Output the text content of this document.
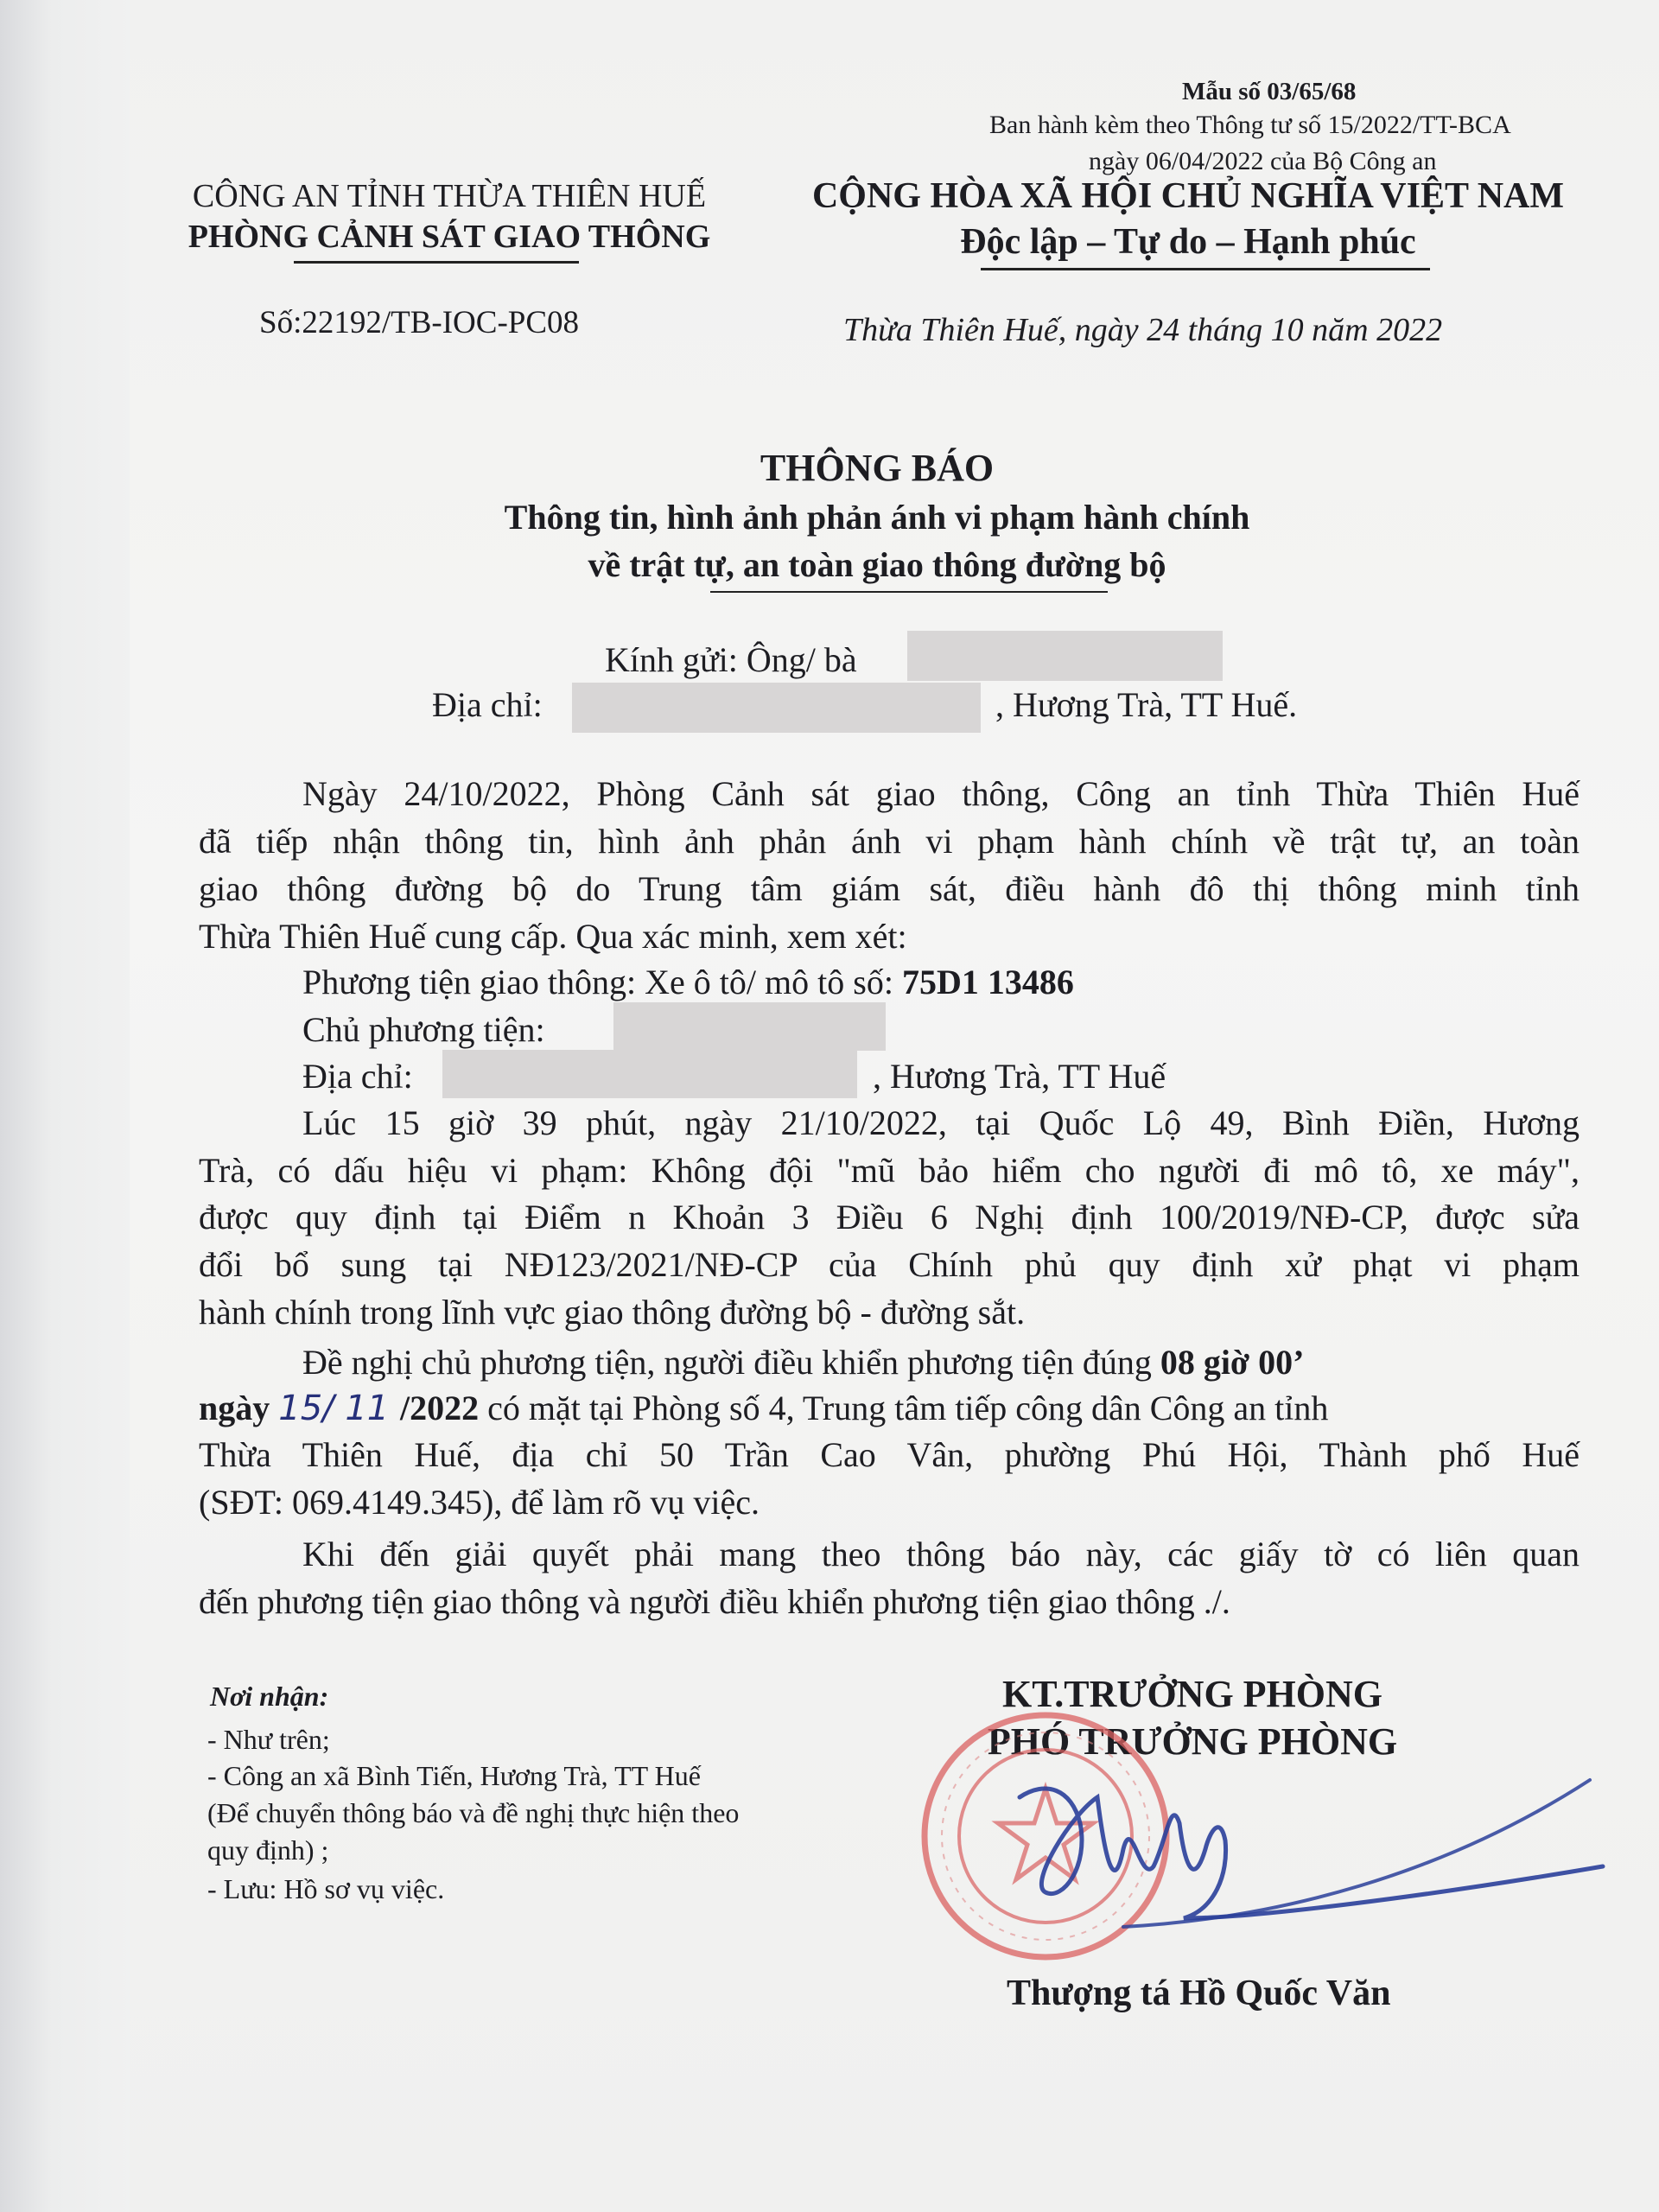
Mẫu số 03/65/68
Ban hành kèm theo Thông tư số 15/2022/TT-BCA
ngày 06/04/2022 của Bộ Công an
CÔNG AN TỈNH THỪA THIÊN HUẾ
PHÒNG CẢNH SÁT GIAO THÔNG
CỘNG HÒA XÃ HỘI CHỦ NGHĨA VIỆT NAM
Độc lập – Tự do – Hạnh phúc
Số:22192/TB-IOC-PC08	Thừa Thiên Huế, ngày 24 tháng 10 năm 2022
THÔNG BÁO
Thông tin, hình ảnh phản ánh vi phạm hành chính
về trật tự, an toàn giao thông đường bộ
Kính gửi: Ông/ bà
Địa chỉ:	, Hương Trà, TT Huế.
Ngày 24/10/2022, Phòng Cảnh sát giao thông, Công an tỉnh Thừa Thiên Huế
đã tiếp nhận thông tin, hình ảnh phản ánh vi phạm hành chính về trật tự, an toàn
giao thông đường bộ do Trung tâm giám sát, điều hành đô thị thông minh tỉnh
Thừa Thiên Huế cung cấp. Qua xác minh, xem xét:
Phương tiện giao thông: Xe ô tô/ mô tô số: 75D1 13486
Chủ phương tiện:
Địa chỉ:	, Hương Trà, TT Huế
Lúc 15 giờ 39 phút, ngày 21/10/2022, tại Quốc Lộ 49, Bình Điền, Hương
Trà, có dấu hiệu vi phạm: Không đội "mũ bảo hiểm cho người đi mô tô, xe máy",
được quy định tại Điểm n Khoản 3 Điều 6 Nghị định 100/2019/NĐ-CP, được sửa
đổi bổ sung tại NĐ123/2021/NĐ-CP của Chính phủ quy định xử phạt vi phạm
hành chính trong lĩnh vực giao thông đường bộ - đường sắt.
Đề nghị chủ phương tiện, người điều khiển phương tiện đúng 08 giờ 00’
ngày 15/ 11 /2022 có mặt tại Phòng số 4, Trung tâm tiếp công dân Công an tỉnh
Thừa Thiên Huế, địa chỉ 50 Trần Cao Vân, phường Phú Hội, Thành phố Huế
(SĐT: 069.4149.345), để làm rõ vụ việc.
Khi đến giải quyết phải mang theo thông báo này, các giấy tờ có liên quan
đến phương tiện giao thông và người điều khiển phương tiện giao thông ./.
Nơi nhận:
- Như trên;
- Công an xã Bình Tiến, Hương Trà, TT Huế
(Để chuyển thông báo và đề nghị thực hiện theo
quy định) ;
- Lưu: Hồ sơ vụ việc.
KT.TRƯỞNG PHÒNG
PHÓ TRƯỞNG PHÒNG
Thượng tá Hồ Quốc Văn
